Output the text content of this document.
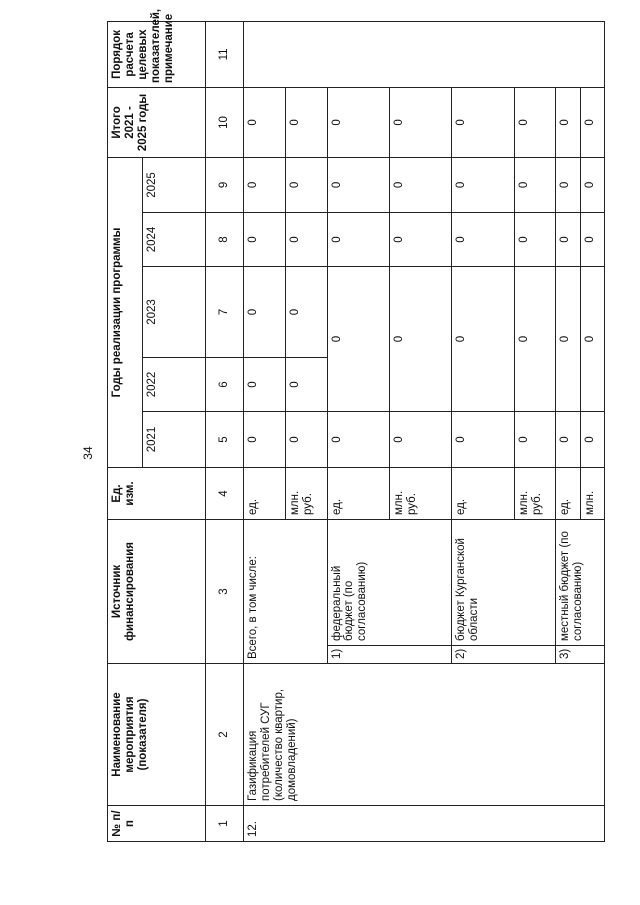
34
№ п/п	Наименование мероприятия (показателя)	Источник финансирования		Ед. изм.	Годы реализации программы					Итого 2021 - 2025 годы	Порядок расчета целевых показателей, примечание
					2021	2022	2023	2024	2025		
1	2	3		4	5	6	7	8	9	10	11
12.	Газификация потребителей СУГ (количество квартир, домовладений)	Всего, в том числе:		ед.	0	0	0	0	0	0	
				млн. руб.	0	0	0	0	0	0	
		1)	федеральный бюджет (по согласованию)	ед.	0	0		0	0	0	
				млн. руб.	0	0		0	0	0	
		2)	бюджет Курганской области	ед.	0	0		0	0	0	
				млн. руб.	0	0		0	0	0	
		3)	местный бюджет (по согласованию)	ед.	0	0		0	0	0	
				млн.	0	0		0	0	0	
